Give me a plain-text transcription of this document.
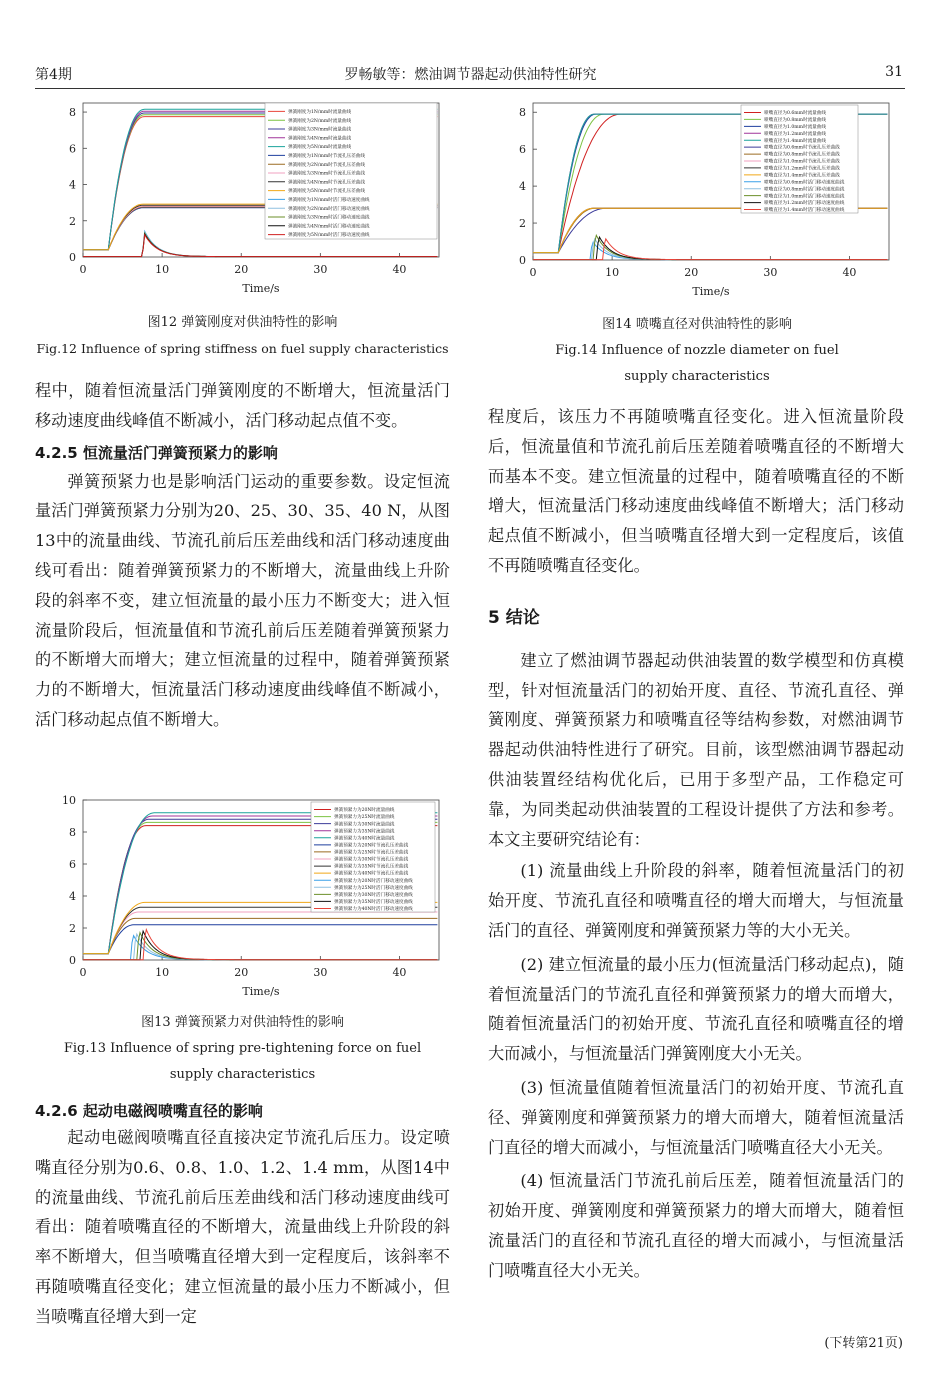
第4期	罗畅敏等：燃油调节器起动供油特性研究	31
0	10	20	30	40
0
2
4
6
8
Time/s
弹簧刚度为1N/mm时流量曲线
弹簧刚度为2N/mm时流量曲线
弹簧刚度为3N/mm时流量曲线
弹簧刚度为4N/mm时流量曲线
弹簧刚度为5N/mm时流量曲线
弹簧刚度为1N/mm时节流孔压差曲线
弹簧刚度为2N/mm时节流孔压差曲线
弹簧刚度为3N/mm时节流孔压差曲线
弹簧刚度为4N/mm时节流孔压差曲线
弹簧刚度为5N/mm时节流孔压差曲线
弹簧刚度为1N/mm时活门移动速度曲线
弹簧刚度为2N/mm时活门移动速度曲线
弹簧刚度为3N/mm时活门移动速度曲线
弹簧刚度为4N/mm时活门移动速度曲线
弹簧刚度为5N/mm时活门移动速度曲线

图12 弹簧刚度对供油特性的影响

Fig.12 Influence of spring stiffness on fuel supply characteristics

程中，随着恒流量活门弹簧刚度的不断增大，恒流量活门移动速度曲线峰值不断减小，活门移动起点值不变。

4.2.5 恒流量活门弹簧预紧力的影响

弹簧预紧力也是影响活门运动的重要参数。设定恒流量活门弹簧预紧力分别为20、25、30、35、40 N，从图13中的流量曲线、节流孔前后压差曲线和活门移动速度曲线可看出：随着弹簧预紧力的不断增大，流量曲线上升阶段的斜率不变，建立恒流量的最小压力不断变大；进入恒流量阶段后，恒流量值和节流孔前后压差随着弹簧预紧力的不断增大而增大；建立恒流量的过程中，随着弹簧预紧力的不断增大，恒流量活门移动速度曲线峰值不断减小，活门移动起点值不断增大。

0	10	20	30	40
0
2
4
6
8
10
Time/s
弹簧预紧力为20N时流量曲线
弹簧预紧力为25N时流量曲线
弹簧预紧力为30N时流量曲线
弹簧预紧力为35N时流量曲线
弹簧预紧力为40N时流量曲线
弹簧预紧力为20N时节流孔压差曲线
弹簧预紧力为25N时节流孔压差曲线
弹簧预紧力为30N时节流孔压差曲线
弹簧预紧力为35N时节流孔压差曲线
弹簧预紧力为40N时节流孔压差曲线
弹簧预紧力为20N时活门移动速度曲线
弹簧预紧力为25N时活门移动速度曲线
弹簧预紧力为30N时活门移动速度曲线
弹簧预紧力为35N时活门移动速度曲线
弹簧预紧力为40N时活门移动速度曲线

图13 弹簧预紧力对供油特性的影响

Fig.13 Influence of spring pre-tightening force on fuel

supply characteristics

4.2.6 起动电磁阀喷嘴直径的影响

起动电磁阀喷嘴直径直接决定节流孔后压力。设定喷嘴直径分别为0.6、0.8、1.0、1.2、1.4 mm，从图14中的流量曲线、节流孔前后压差曲线和活门移动速度曲线可看出：随着喷嘴直径的不断增大，流量曲线上升阶段的斜率不断增大，但当喷嘴直径增大到一定程度后，该斜率不再随喷嘴直径变化；建立恒流量的最小压力不断减小，但当喷嘴直径增大到一定

0	10	20	30	40
0
2
4
6
8
Time/s
喷嘴直径为0.6mm时流量曲线
喷嘴直径为0.8mm时流量曲线
喷嘴直径为1.0mm时流量曲线
喷嘴直径为1.2mm时流量曲线
喷嘴直径为1.4mm时流量曲线
喷嘴直径为0.6mm时节流孔压差曲线
喷嘴直径为0.8mm时节流孔压差曲线
喷嘴直径为1.0mm时节流孔压差曲线
喷嘴直径为1.2mm时节流孔压差曲线
喷嘴直径为1.4mm时节流孔压差曲线
喷嘴直径为0.6mm时活门移动速度曲线
喷嘴直径为0.8mm时活门移动速度曲线
喷嘴直径为1.0mm时活门移动速度曲线
喷嘴直径为1.2mm时活门移动速度曲线
喷嘴直径为1.4mm时活门移动速度曲线

图14 喷嘴直径对供油特性的影响

Fig.14 Influence of nozzle diameter on fuel

supply characteristics

程度后，该压力不再随喷嘴直径变化。进入恒流量阶段后，恒流量值和节流孔前后压差随着喷嘴直径的不断增大而基本不变。建立恒流量的过程中，随着喷嘴直径的不断增大，恒流量活门移动速度曲线峰值不断增大；活门移动起点值不断减小，但当喷嘴直径增大到一定程度后，该值不再随喷嘴直径变化。

5 结论

建立了燃油调节器起动供油装置的数学模型和仿真模型，针对恒流量活门的初始开度、直径、节流孔直径、弹簧刚度、弹簧预紧力和喷嘴直径等结构参数，对燃油调节器起动供油特性进行了研究。目前，该型燃油调节器起动供油装置经结构优化后，已用于多型产品，工作稳定可靠，为同类起动供油装置的工程设计提供了方法和参考。本文主要研究结论有：

(1) 流量曲线上升阶段的斜率，随着恒流量活门的初始开度、节流孔直径和喷嘴直径的增大而增大，与恒流量活门的直径、弹簧刚度和弹簧预紧力等的大小无关。

(2) 建立恒流量的最小压力(恒流量活门移动起点)，随着恒流量活门的节流孔直径和弹簧预紧力的增大而增大，随着恒流量活门的初始开度、节流孔直径和喷嘴直径的增大而减小，与恒流量活门弹簧刚度大小无关。

(3) 恒流量值随着恒流量活门的初始开度、节流孔直径、弹簧刚度和弹簧预紧力的增大而增大，随着恒流量活门直径的增大而减小，与恒流量活门喷嘴直径大小无关。

(4) 恒流量活门节流孔前后压差，随着恒流量活门的初始开度、弹簧刚度和弹簧预紧力的增大而增大，随着恒流量活门的直径和节流孔直径的增大而减小，与恒流量活门喷嘴直径大小无关。

(下转第21页)
